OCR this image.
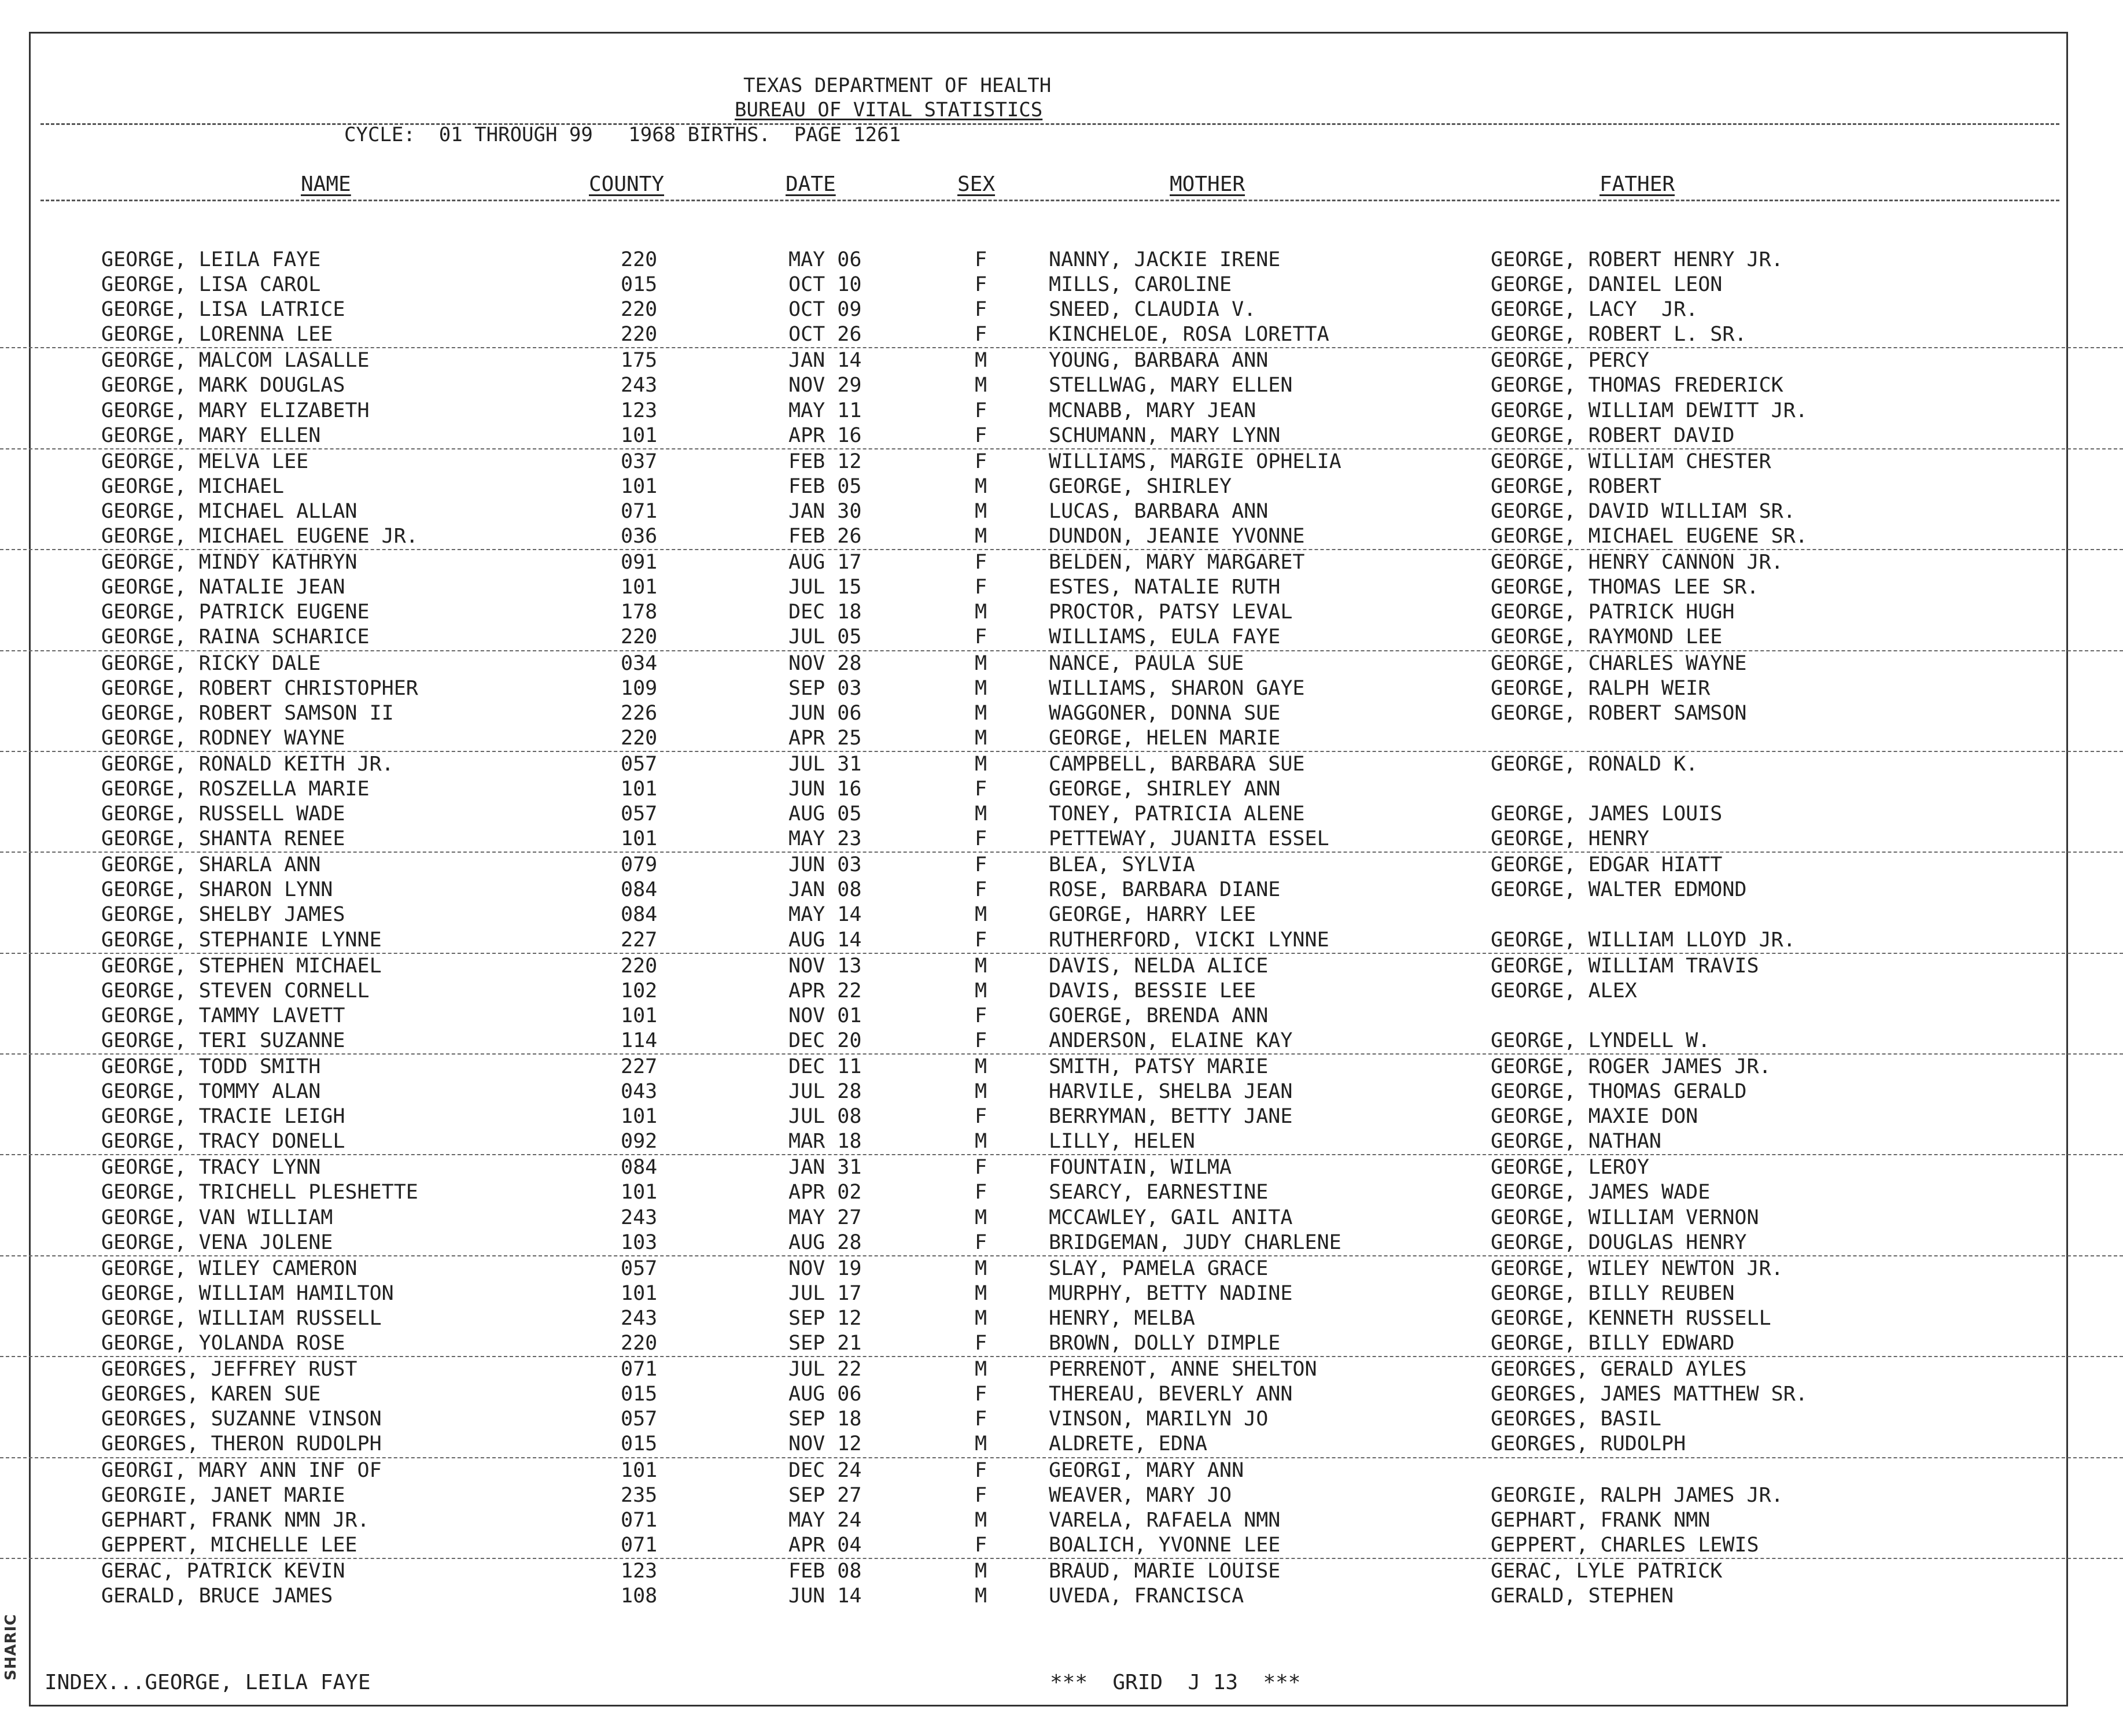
SHARIC
TEXAS DEPARTMENT OF HEALTH
BUREAU OF VITAL STATISTICS
CYCLE:  01 THROUGH 99   1968 BIRTHS.  PAGE 1261
NAME	COUNTY	DATE	SEX	MOTHER	FATHER
GEORGE, LEILA FAYE	220	MAY 06	F	NANNY, JACKIE IRENE	GEORGE, ROBERT HENRY JR.
GEORGE, LISA CAROL	015	OCT 10	F	MILLS, CAROLINE	GEORGE, DANIEL LEON
GEORGE, LISA LATRICE	220	OCT 09	F	SNEED, CLAUDIA V.	GEORGE, LACY  JR.
GEORGE, LORENNA LEE	220	OCT 26	F	KINCHELOE, ROSA LORETTA	GEORGE, ROBERT L. SR.
GEORGE, MALCOM LASALLE	175	JAN 14	M	YOUNG, BARBARA ANN	GEORGE, PERCY
GEORGE, MARK DOUGLAS	243	NOV 29	M	STELLWAG, MARY ELLEN	GEORGE, THOMAS FREDERICK
GEORGE, MARY ELIZABETH	123	MAY 11	F	MCNABB, MARY JEAN	GEORGE, WILLIAM DEWITT JR.
GEORGE, MARY ELLEN	101	APR 16	F	SCHUMANN, MARY LYNN	GEORGE, ROBERT DAVID
GEORGE, MELVA LEE	037	FEB 12	F	WILLIAMS, MARGIE OPHELIA	GEORGE, WILLIAM CHESTER
GEORGE, MICHAEL	101	FEB 05	M	GEORGE, SHIRLEY	GEORGE, ROBERT
GEORGE, MICHAEL ALLAN	071	JAN 30	M	LUCAS, BARBARA ANN	GEORGE, DAVID WILLIAM SR.
GEORGE, MICHAEL EUGENE JR.	036	FEB 26	M	DUNDON, JEANIE YVONNE	GEORGE, MICHAEL EUGENE SR.
GEORGE, MINDY KATHRYN	091	AUG 17	F	BELDEN, MARY MARGARET	GEORGE, HENRY CANNON JR.
GEORGE, NATALIE JEAN	101	JUL 15	F	ESTES, NATALIE RUTH	GEORGE, THOMAS LEE SR.
GEORGE, PATRICK EUGENE	178	DEC 18	M	PROCTOR, PATSY LEVAL	GEORGE, PATRICK HUGH
GEORGE, RAINA SCHARICE	220	JUL 05	F	WILLIAMS, EULA FAYE	GEORGE, RAYMOND LEE
GEORGE, RICKY DALE	034	NOV 28	M	NANCE, PAULA SUE	GEORGE, CHARLES WAYNE
GEORGE, ROBERT CHRISTOPHER	109	SEP 03	M	WILLIAMS, SHARON GAYE	GEORGE, RALPH WEIR
GEORGE, ROBERT SAMSON II	226	JUN 06	M	WAGGONER, DONNA SUE	GEORGE, ROBERT SAMSON
GEORGE, RODNEY WAYNE	220	APR 25	M	GEORGE, HELEN MARIE
GEORGE, RONALD KEITH JR.	057	JUL 31	M	CAMPBELL, BARBARA SUE	GEORGE, RONALD K.
GEORGE, ROSZELLA MARIE	101	JUN 16	F	GEORGE, SHIRLEY ANN
GEORGE, RUSSELL WADE	057	AUG 05	M	TONEY, PATRICIA ALENE	GEORGE, JAMES LOUIS
GEORGE, SHANTA RENEE	101	MAY 23	F	PETTEWAY, JUANITA ESSEL	GEORGE, HENRY
GEORGE, SHARLA ANN	079	JUN 03	F	BLEA, SYLVIA	GEORGE, EDGAR HIATT
GEORGE, SHARON LYNN	084	JAN 08	F	ROSE, BARBARA DIANE	GEORGE, WALTER EDMOND
GEORGE, SHELBY JAMES	084	MAY 14	M	GEORGE, HARRY LEE
GEORGE, STEPHANIE LYNNE	227	AUG 14	F	RUTHERFORD, VICKI LYNNE	GEORGE, WILLIAM LLOYD JR.
GEORGE, STEPHEN MICHAEL	220	NOV 13	M	DAVIS, NELDA ALICE	GEORGE, WILLIAM TRAVIS
GEORGE, STEVEN CORNELL	102	APR 22	M	DAVIS, BESSIE LEE	GEORGE, ALEX
GEORGE, TAMMY LAVETT	101	NOV 01	F	GOERGE, BRENDA ANN
GEORGE, TERI SUZANNE	114	DEC 20	F	ANDERSON, ELAINE KAY	GEORGE, LYNDELL W.
GEORGE, TODD SMITH	227	DEC 11	M	SMITH, PATSY MARIE	GEORGE, ROGER JAMES JR.
GEORGE, TOMMY ALAN	043	JUL 28	M	HARVILE, SHELBA JEAN	GEORGE, THOMAS GERALD
GEORGE, TRACIE LEIGH	101	JUL 08	F	BERRYMAN, BETTY JANE	GEORGE, MAXIE DON
GEORGE, TRACY DONELL	092	MAR 18	M	LILLY, HELEN	GEORGE, NATHAN
GEORGE, TRACY LYNN	084	JAN 31	F	FOUNTAIN, WILMA	GEORGE, LEROY
GEORGE, TRICHELL PLESHETTE	101	APR 02	F	SEARCY, EARNESTINE	GEORGE, JAMES WADE
GEORGE, VAN WILLIAM	243	MAY 27	M	MCCAWLEY, GAIL ANITA	GEORGE, WILLIAM VERNON
GEORGE, VENA JOLENE	103	AUG 28	F	BRIDGEMAN, JUDY CHARLENE	GEORGE, DOUGLAS HENRY
GEORGE, WILEY CAMERON	057	NOV 19	M	SLAY, PAMELA GRACE	GEORGE, WILEY NEWTON JR.
GEORGE, WILLIAM HAMILTON	101	JUL 17	M	MURPHY, BETTY NADINE	GEORGE, BILLY REUBEN
GEORGE, WILLIAM RUSSELL	243	SEP 12	M	HENRY, MELBA	GEORGE, KENNETH RUSSELL
GEORGE, YOLANDA ROSE	220	SEP 21	F	BROWN, DOLLY DIMPLE	GEORGE, BILLY EDWARD
GEORGES, JEFFREY RUST	071	JUL 22	M	PERRENOT, ANNE SHELTON	GEORGES, GERALD AYLES
GEORGES, KAREN SUE	015	AUG 06	F	THEREAU, BEVERLY ANN	GEORGES, JAMES MATTHEW SR.
GEORGES, SUZANNE VINSON	057	SEP 18	F	VINSON, MARILYN JO	GEORGES, BASIL
GEORGES, THERON RUDOLPH	015	NOV 12	M	ALDRETE, EDNA	GEORGES, RUDOLPH
GEORGI, MARY ANN INF OF	101	DEC 24	F	GEORGI, MARY ANN
GEORGIE, JANET MARIE	235	SEP 27	F	WEAVER, MARY JO	GEORGIE, RALPH JAMES JR.
GEPHART, FRANK NMN JR.	071	MAY 24	M	VARELA, RAFAELA NMN	GEPHART, FRANK NMN
GEPPERT, MICHELLE LEE	071	APR 04	F	BOALICH, YVONNE LEE	GEPPERT, CHARLES LEWIS
GERAC, PATRICK KEVIN	123	FEB 08	M	BRAUD, MARIE LOUISE	GERAC, LYLE PATRICK
GERALD, BRUCE JAMES	108	JUN 14	M	UVEDA, FRANCISCA	GERALD, STEPHEN
INDEX...GEORGE, LEILA FAYE	***  GRID  J 13  ***
